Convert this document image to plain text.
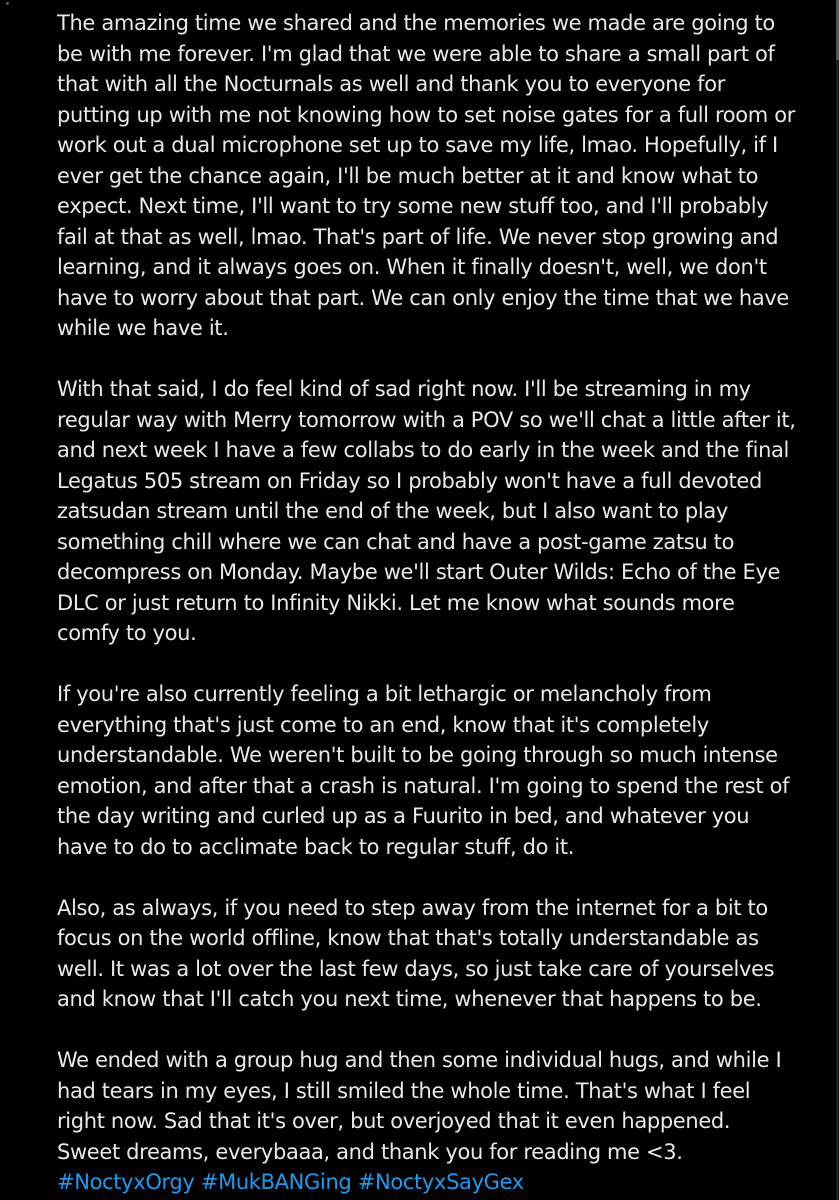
The amazing time we shared and the memories we made are going to be with me forever. I'm glad that we were able to share a small part of that with all the Nocturnals as well and thank you to everyone for putting up with me not knowing how to set noise gates for a full room or work out a dual microphone set up to save my life, lmao. Hopefully, if I ever get the chance again, I'll be much better at it and know what to expect. Next time, I'll want to try some new stuff too, and I'll probably fail at that as well, lmao. That's part of life. We never stop growing and learning, and it always goes on. When it finally doesn't, well, we don't have to worry about that part. We can only enjoy the time that we have while we have it.

With that said, I do feel kind of sad right now. I'll be streaming in my regular way with Merry tomorrow with a POV so we'll chat a little after it, and next week I have a few collabs to do early in the week and the final Legatus 505 stream on Friday so I probably won't have a full devoted zatsudan stream until the end of the week, but I also want to play something chill where we can chat and have a post-game zatsu to decompress on Monday. Maybe we'll start Outer Wilds: Echo of the Eye DLC or just return to Infinity Nikki. Let me know what sounds more comfy to you.

If you're also currently feeling a bit lethargic or melancholy from everything that's just come to an end, know that it's completely understandable. We weren't built to be going through so much intense emotion, and after that a crash is natural. I'm going to spend the rest of the day writing and curled up as a Fuurito in bed, and whatever you have to do to acclimate back to regular stuff, do it.

Also, as always, if you need to step away from the internet for a bit to focus on the world offline, know that that's totally understandable as well. It was a lot over the last few days, so just take care of yourselves and know that I'll catch you next time, whenever that happens to be.

We ended with a group hug and then some individual hugs, and while I had tears in my eyes, I still smiled the whole time. That's what I feel right now. Sad that it's over, but overjoyed that it even happened. Sweet dreams, everybaaa, and thank you for reading me <3.

#NoctyxOrgy #MukBANGing #NoctyxSayGex
